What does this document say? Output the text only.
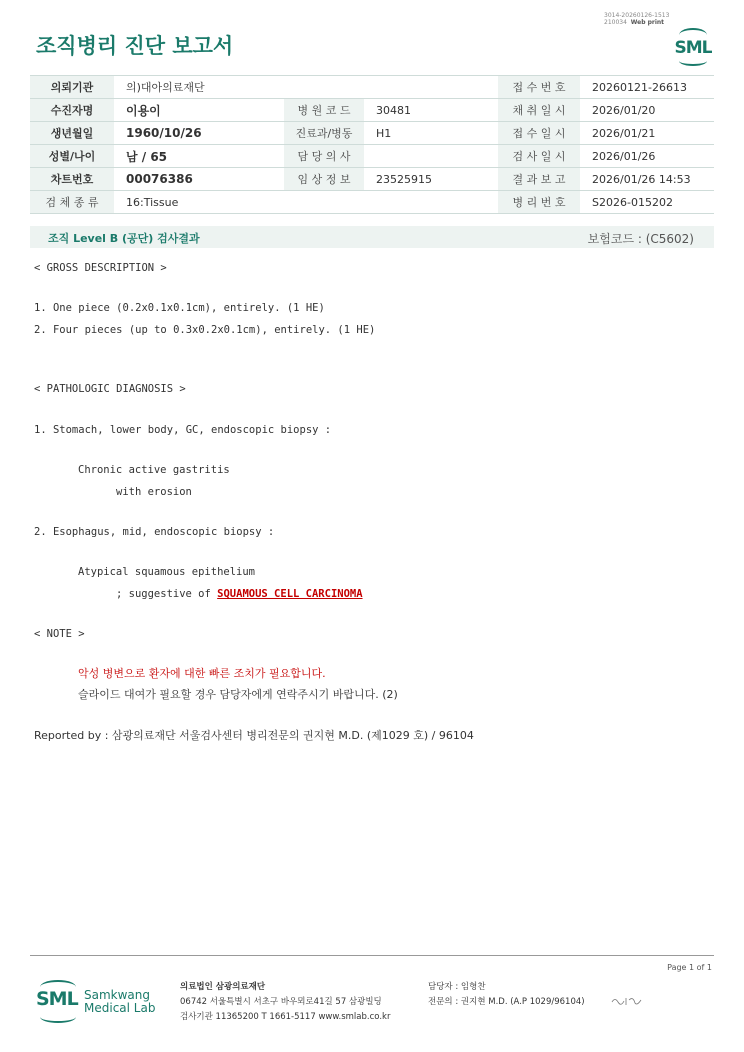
3014-20260126-1513
210034 Web print
조직병리 진단 보고서	SML
의뢰기관	의)대아의료재단			접 수 번 호	20260121-26613
수진자명	이용이	병 원 코 드	30481	채 취 일 시	2026/01/20
생년월일	1960/10/26	진료과/병동	H1	접 수 일 시	2026/01/21
성별/나이	남 / 65	담 당 의 사		검 사 일 시	2026/01/26
차트번호	00076386	임 상 정 보	23525915	결 과 보 고	2026/01/26 14:53
검 체 종 류	16:Tissue			병 리 번 호	S2026-015202
조직 Level B (공단) 검사결과	보험코드 : (C5602)
< GROSS DESCRIPTION >
1. One piece (0.2x0.1x0.1cm), entirely. (1 HE)
2. Four pieces (up to 0.3x0.2x0.1cm), entirely. (1 HE)
< PATHOLOGIC DIAGNOSIS >
1. Stomach, lower body, GC, endoscopic biopsy :
Chronic active gastritis
with erosion
2. Esophagus, mid, endoscopic biopsy :
Atypical squamous epithelium
; suggestive of SQUAMOUS CELL CARCINOMA
< NOTE >
악성 병변으로 환자에 대한 빠른 조치가 필요합니다.
슬라이드 대여가 필요할 경우 담당자에게 연락주시기 바랍니다. (2)
Reported by : 삼광의료재단 서울검사센터 병리전문의 권지현 M.D. (제1029 호) / 96104
Page 1 of 1
SML Samkwang
Medical Lab
의료법인 삼광의료재단
06742 서울특별시 서초구 바우뫼로41길 57 삼광빌딩
검사기관 11365200 T 1661-5117 www.smlab.co.kr
담당자 : 임형찬
전문의 : 권지현 M.D. (A.P 1029/96104)
